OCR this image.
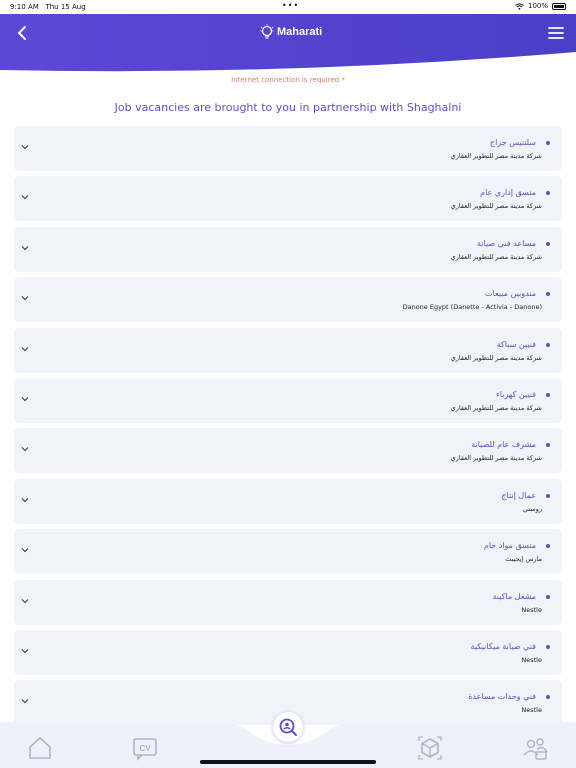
9:10 AM Thu 15 Aug	•••	100%
Maharati
Internet connection is required *
Job vacancies are brought to you in partnership with Shaghalni
سلتنيس جراج
شركة مدينة مصر للتطوير العقاري
منسق إداري عام
شركة مدينة مصر للتطوير العقاري
مساعد فني صيانة
شركة مدينة مصر للتطوير العقاري
مندوبين مبيعات
Danone Egypt (Danette - Activia - Danone)
فنيين سباكة
شركة مدينة مصر للتطوير العقاري
فنيين كهرباء
شركة مدينة مصر للتطوير العقاري
مشرف عام للصيانة
شركة مدينة مصر للتطوير العقاري
عمال إنتاج
روستي
منسق مواد خام
مارس إيجيبت
مشغل ماكينة
Nestle
فني صيانة ميكانيكية
Nestle
فني وحدات مساعدة
Nestle
CV
